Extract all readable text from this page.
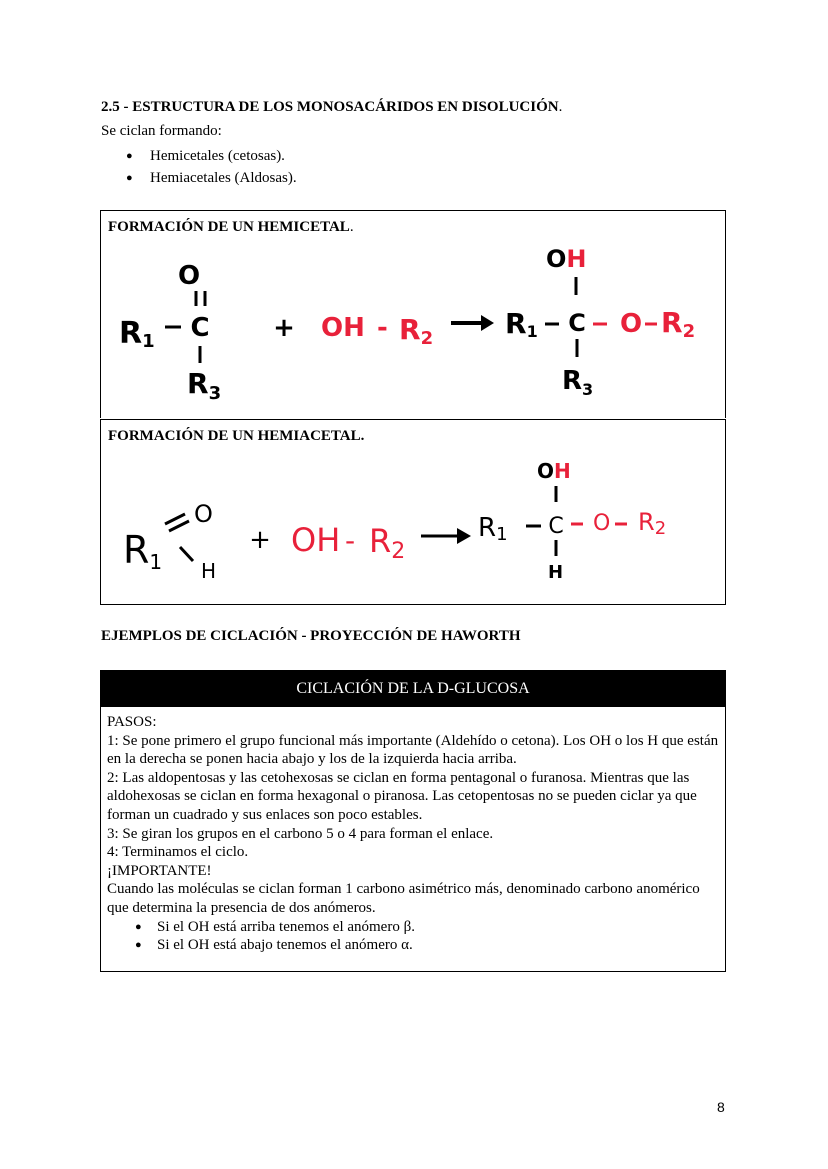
2.5 - ESTRUCTURA DE LOS MONOSACÁRIDOS EN DISOLUCIÓN.
Se ciclan formando:
● Hemicetales (cetosas).
● Hemiacetales (Aldosas).
FORMACIÓN DE UN HEMICETAL.
O
C
R1
$R_3$
+ OH - R2
OH
R1 C O R2
$R_3$
FORMACIÓN DE UN HEMIACETAL.
R1
O
H
+ OH - R2
OH
R1 C O R2
H
EJEMPLOS DE CICLACIÓN - PROYECCIÓN DE HAWORTH
CICLACIÓN DE LA D-GLUCOSA

PASOS:

1: Se pone primero el grupo funcional más importante (Aldehído o cetona). Los OH o los H que están en la derecha se ponen hacia abajo y los de la izquierda hacia arriba.

2: Las aldopentosas y las cetohexosas se ciclan en forma pentagonal o furanosa. Mientras que las aldohexosas se ciclan en forma hexagonal o piranosa. Las cetopentosas no se pueden ciclar ya que forman un cuadrado y sus enlaces son poco estables.

3: Se giran los grupos en el carbono 5 o 4 para forman el enlace.

4: Terminamos el ciclo.

¡IMPORTANTE!

Cuando las moléculas se ciclan forman 1 carbono asimétrico más, denominado carbono anomérico que determina la presencia de dos anómeros.

● Si el OH está arriba tenemos el anómero β.
● Si el OH está abajo tenemos el anómero α.
8
